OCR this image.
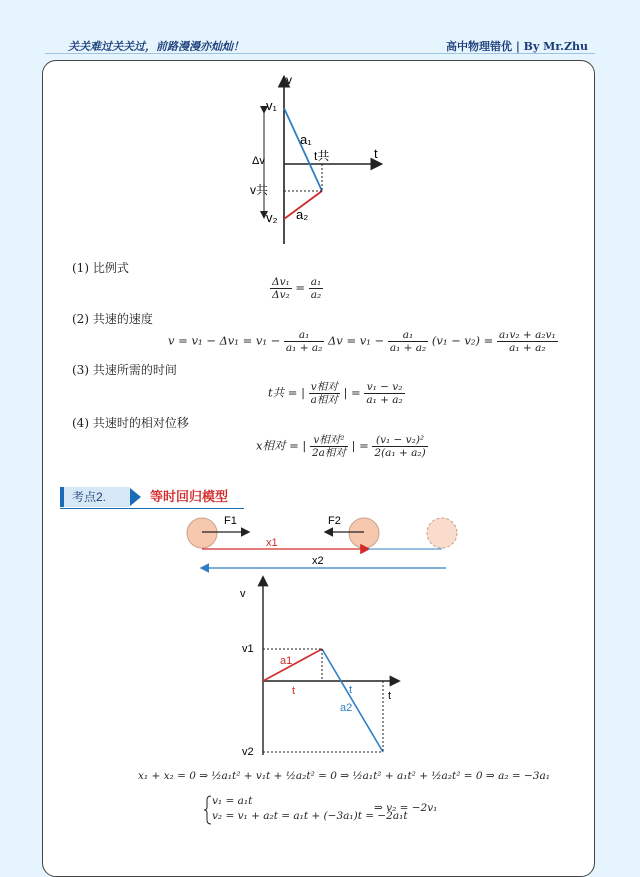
关关难过关关过，前路漫漫亦灿灿！	高中物理错优 | By Mr.Zhu
v
t
v₁
Δv
v共
v₂
a₁
a₂
t共
(1) 比例式
$\frac{\text{Δv₁}}{\text{Δv₂}} = \frac{\text{a₁}}{\text{a₂}}$
(2) 共速的速度
$v = v_1 - \Delta v_1 = v_1 - \frac{\text{a₁}}{\text{a₁ + a₂}}$ $\Delta v = v_1 - \frac{\text{a₁}}{\text{a₁ + a₂}} (v_1 - v_2) = \frac{\text{a₁v₂ + a₂v₁}}{\text{a₁ + a₂}}$
(3) 共速所需的时间
t共 = | $\frac{\text{v相对}}{\text{a相对}}$ | = $\frac{\text{v₁ − v₂}}{\text{a₁ + a₂}}$
(4) 共速时的相对位移
x相对 = | $\frac{\text{v相对²}}{\text{2a相对}}$ | = $\frac{\text{(v₁ − v₂)²}}{\text{2(a₁ + a₂)}}$
考点2.	等时回归模型
F1	F2
x1
x2
v
t
v1
v2
a1
t	t
a2
x₁ + x₂ = 0 ⇒ ½a₁t² + v₁t + ½a₂t² = 0 ⇒ ½a₁t² + a₁t² + ½a₂t² = 0 ⇒ a₂ = −3a₁
v₁ = a₁t
v₂ = v₁ + a₂t = a₁t + (−3a₁)t = −2a₁t
⇒ v₂ = −2v₁
